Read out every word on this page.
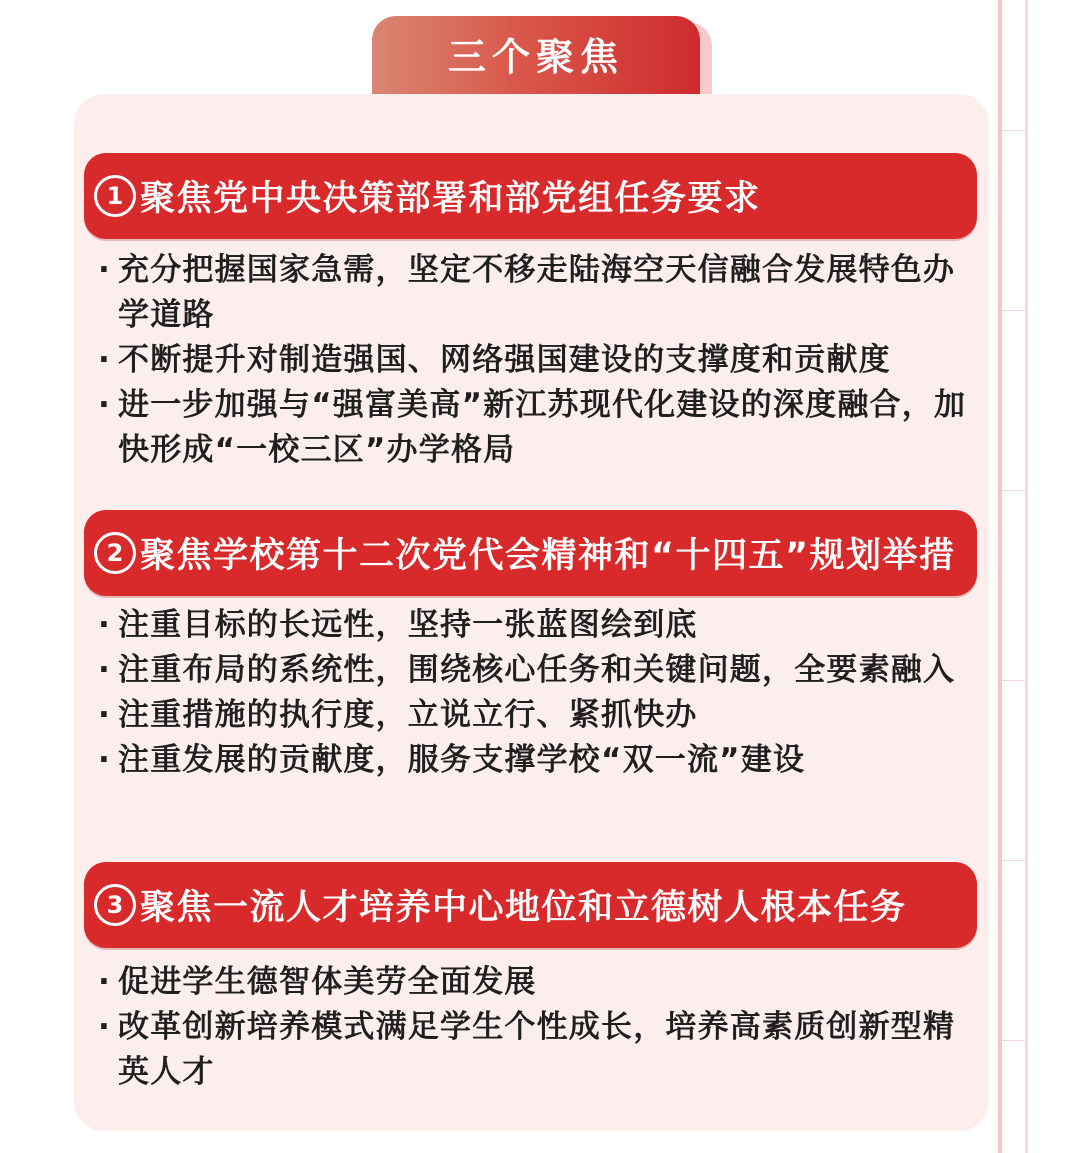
三个聚焦
1 聚焦党中央决策部署和部党组任务要求
· 充分把握国家急需，坚定不移走陆海空天信融合发展特色办学道路
· 不断提升对制造强国、网络强国建设的支撑度和贡献度
· 进一步加强与“强富美高”新江苏现代化建设的深度融合，加快形成“一校三区”办学格局
2 聚焦学校第十二次党代会精神和“十四五”规划举措
· 注重目标的长远性，坚持一张蓝图绘到底
· 注重布局的系统性，围绕核心任务和关键问题，全要素融入
· 注重措施的执行度，立说立行、紧抓快办
· 注重发展的贡献度，服务支撑学校“双一流”建设
3 聚焦一流人才培养中心地位和立德树人根本任务
· 促进学生德智体美劳全面发展
· 改革创新培养模式满足学生个性成长，培养高素质创新型精英人才
